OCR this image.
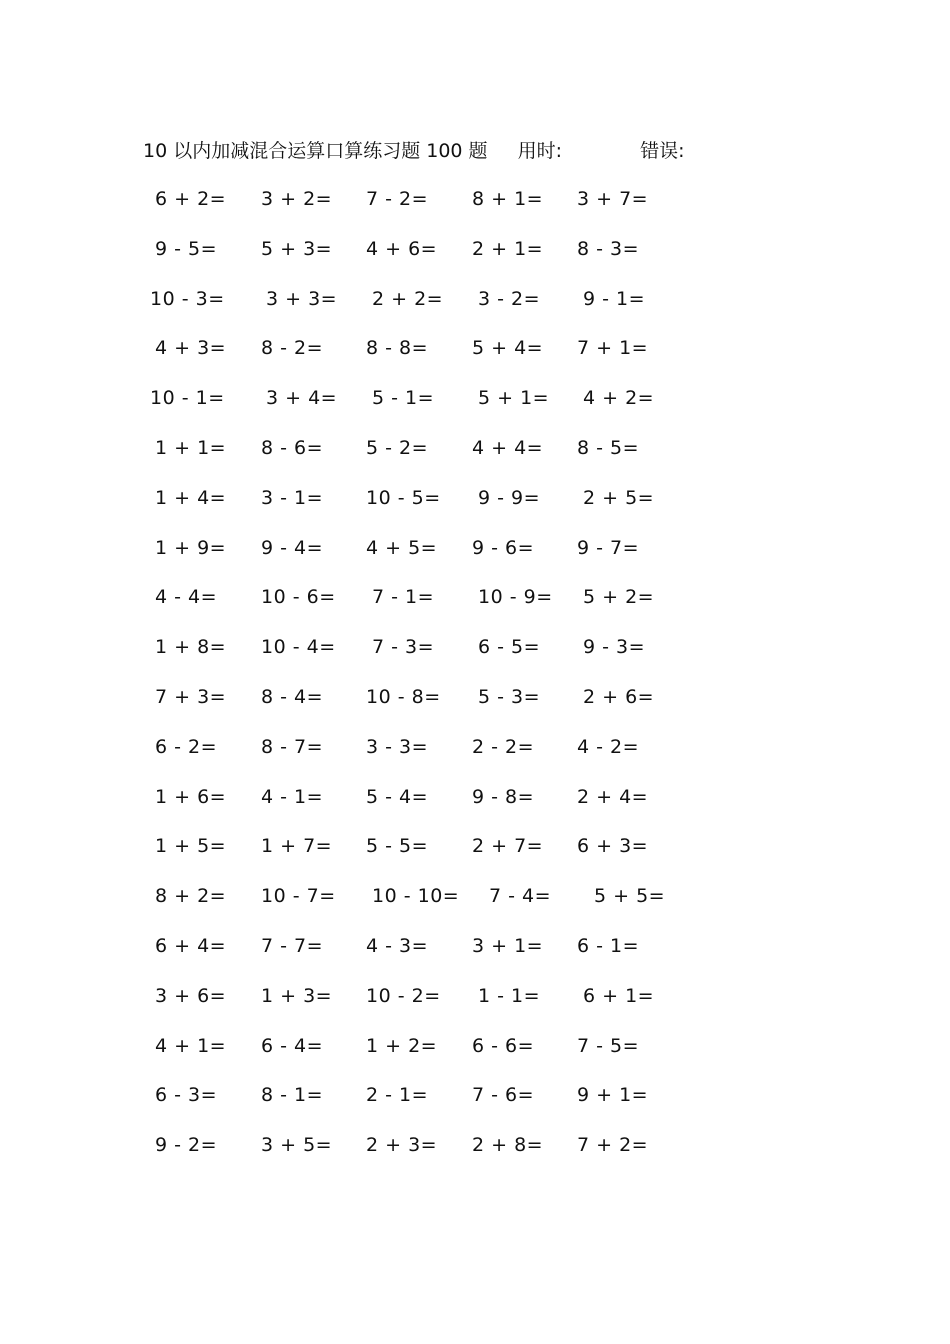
10 以内加减混合运算口算练习题 100 题 用时:	错误:
6 + 2= 3 + 2= 7 - 2= 8 + 1= 3 + 7=
9 - 5= 5 + 3= 4 + 6= 2 + 1= 8 - 3=
10 - 3= 3 + 3= 2 + 2= 3 - 2= 9 - 1=
4 + 3= 8 - 2= 8 - 8= 5 + 4= 7 + 1=
10 - 1= 3 + 4= 5 - 1= 5 + 1= 4 + 2=
1 + 1= 8 - 6= 5 - 2= 4 + 4= 8 - 5=
1 + 4= 3 - 1= 10 - 5= 9 - 9= 2 + 5=
1 + 9= 9 - 4= 4 + 5= 9 - 6= 9 - 7=
4 - 4= 10 - 6= 7 - 1= 10 - 9= 5 + 2=
1 + 8= 10 - 4= 7 - 3= 6 - 5= 9 - 3=
7 + 3= 8 - 4= 10 - 8= 5 - 3= 2 + 6=
6 - 2= 8 - 7= 3 - 3= 2 - 2= 4 - 2=
1 + 6= 4 - 1= 5 - 4= 9 - 8= 2 + 4=
1 + 5= 1 + 7= 5 - 5= 2 + 7= 6 + 3=
8 + 2= 10 - 7= 10 - 10= 7 - 4= 5 + 5=
6 + 4= 7 - 7= 4 - 3= 3 + 1= 6 - 1=
3 + 6= 1 + 3= 10 - 2= 1 - 1= 6 + 1=
4 + 1= 6 - 4= 1 + 2= 6 - 6= 7 - 5=
6 - 3= 8 - 1= 2 - 1= 7 - 6= 9 + 1=
9 - 2= 3 + 5= 2 + 3= 2 + 8= 7 + 2=
